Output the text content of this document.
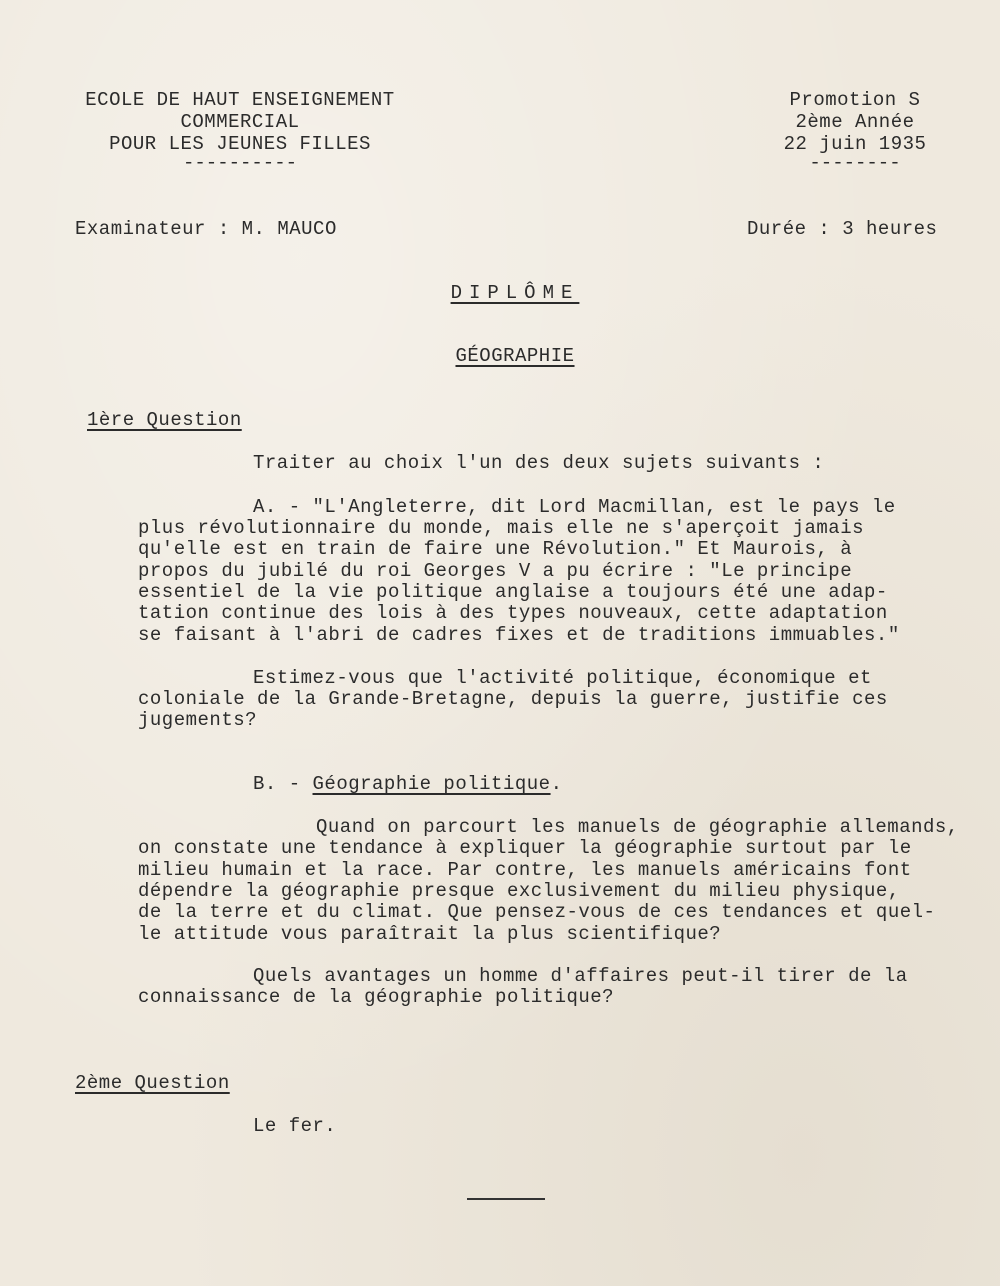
ECOLE DE HAUT ENSEIGNEMENT
COMMERCIAL
POUR LES JEUNES FILLES
----------
Promotion S
2ème Année
22 juin 1935
--------
Examinateur : M. MAUCO	Durée : 3 heures
DIPLÔME
GÉOGRAPHIE
1ère Question
Traiter au choix l'un des deux sujets suivants :
A. - "L'Angleterre, dit Lord Macmillan, est le pays le
plus révolutionnaire du monde, mais elle ne s'aperçoit jamais
qu'elle est en train de faire une Révolution." Et Maurois, à
propos du jubilé du roi Georges V a pu écrire : "Le principe
essentiel de la vie politique anglaise a toujours été une adap-
tation continue des lois à des types nouveaux, cette adaptation
se faisant à l'abri de cadres fixes et de traditions immuables."
Estimez-vous que l'activité politique, économique et
coloniale de la Grande-Bretagne, depuis la guerre, justifie ces
jugements?
B. - Géographie politique.
Quand on parcourt les manuels de géographie allemands,
on constate une tendance à expliquer la géographie surtout par le
milieu humain et la race. Par contre, les manuels américains font
dépendre la géographie presque exclusivement du milieu physique,
de la terre et du climat. Que pensez-vous de ces tendances et quel-
le attitude vous paraîtrait la plus scientifique?
Quels avantages un homme d'affaires peut-il tirer de la
connaissance de la géographie politique?
2ème Question
Le fer.
